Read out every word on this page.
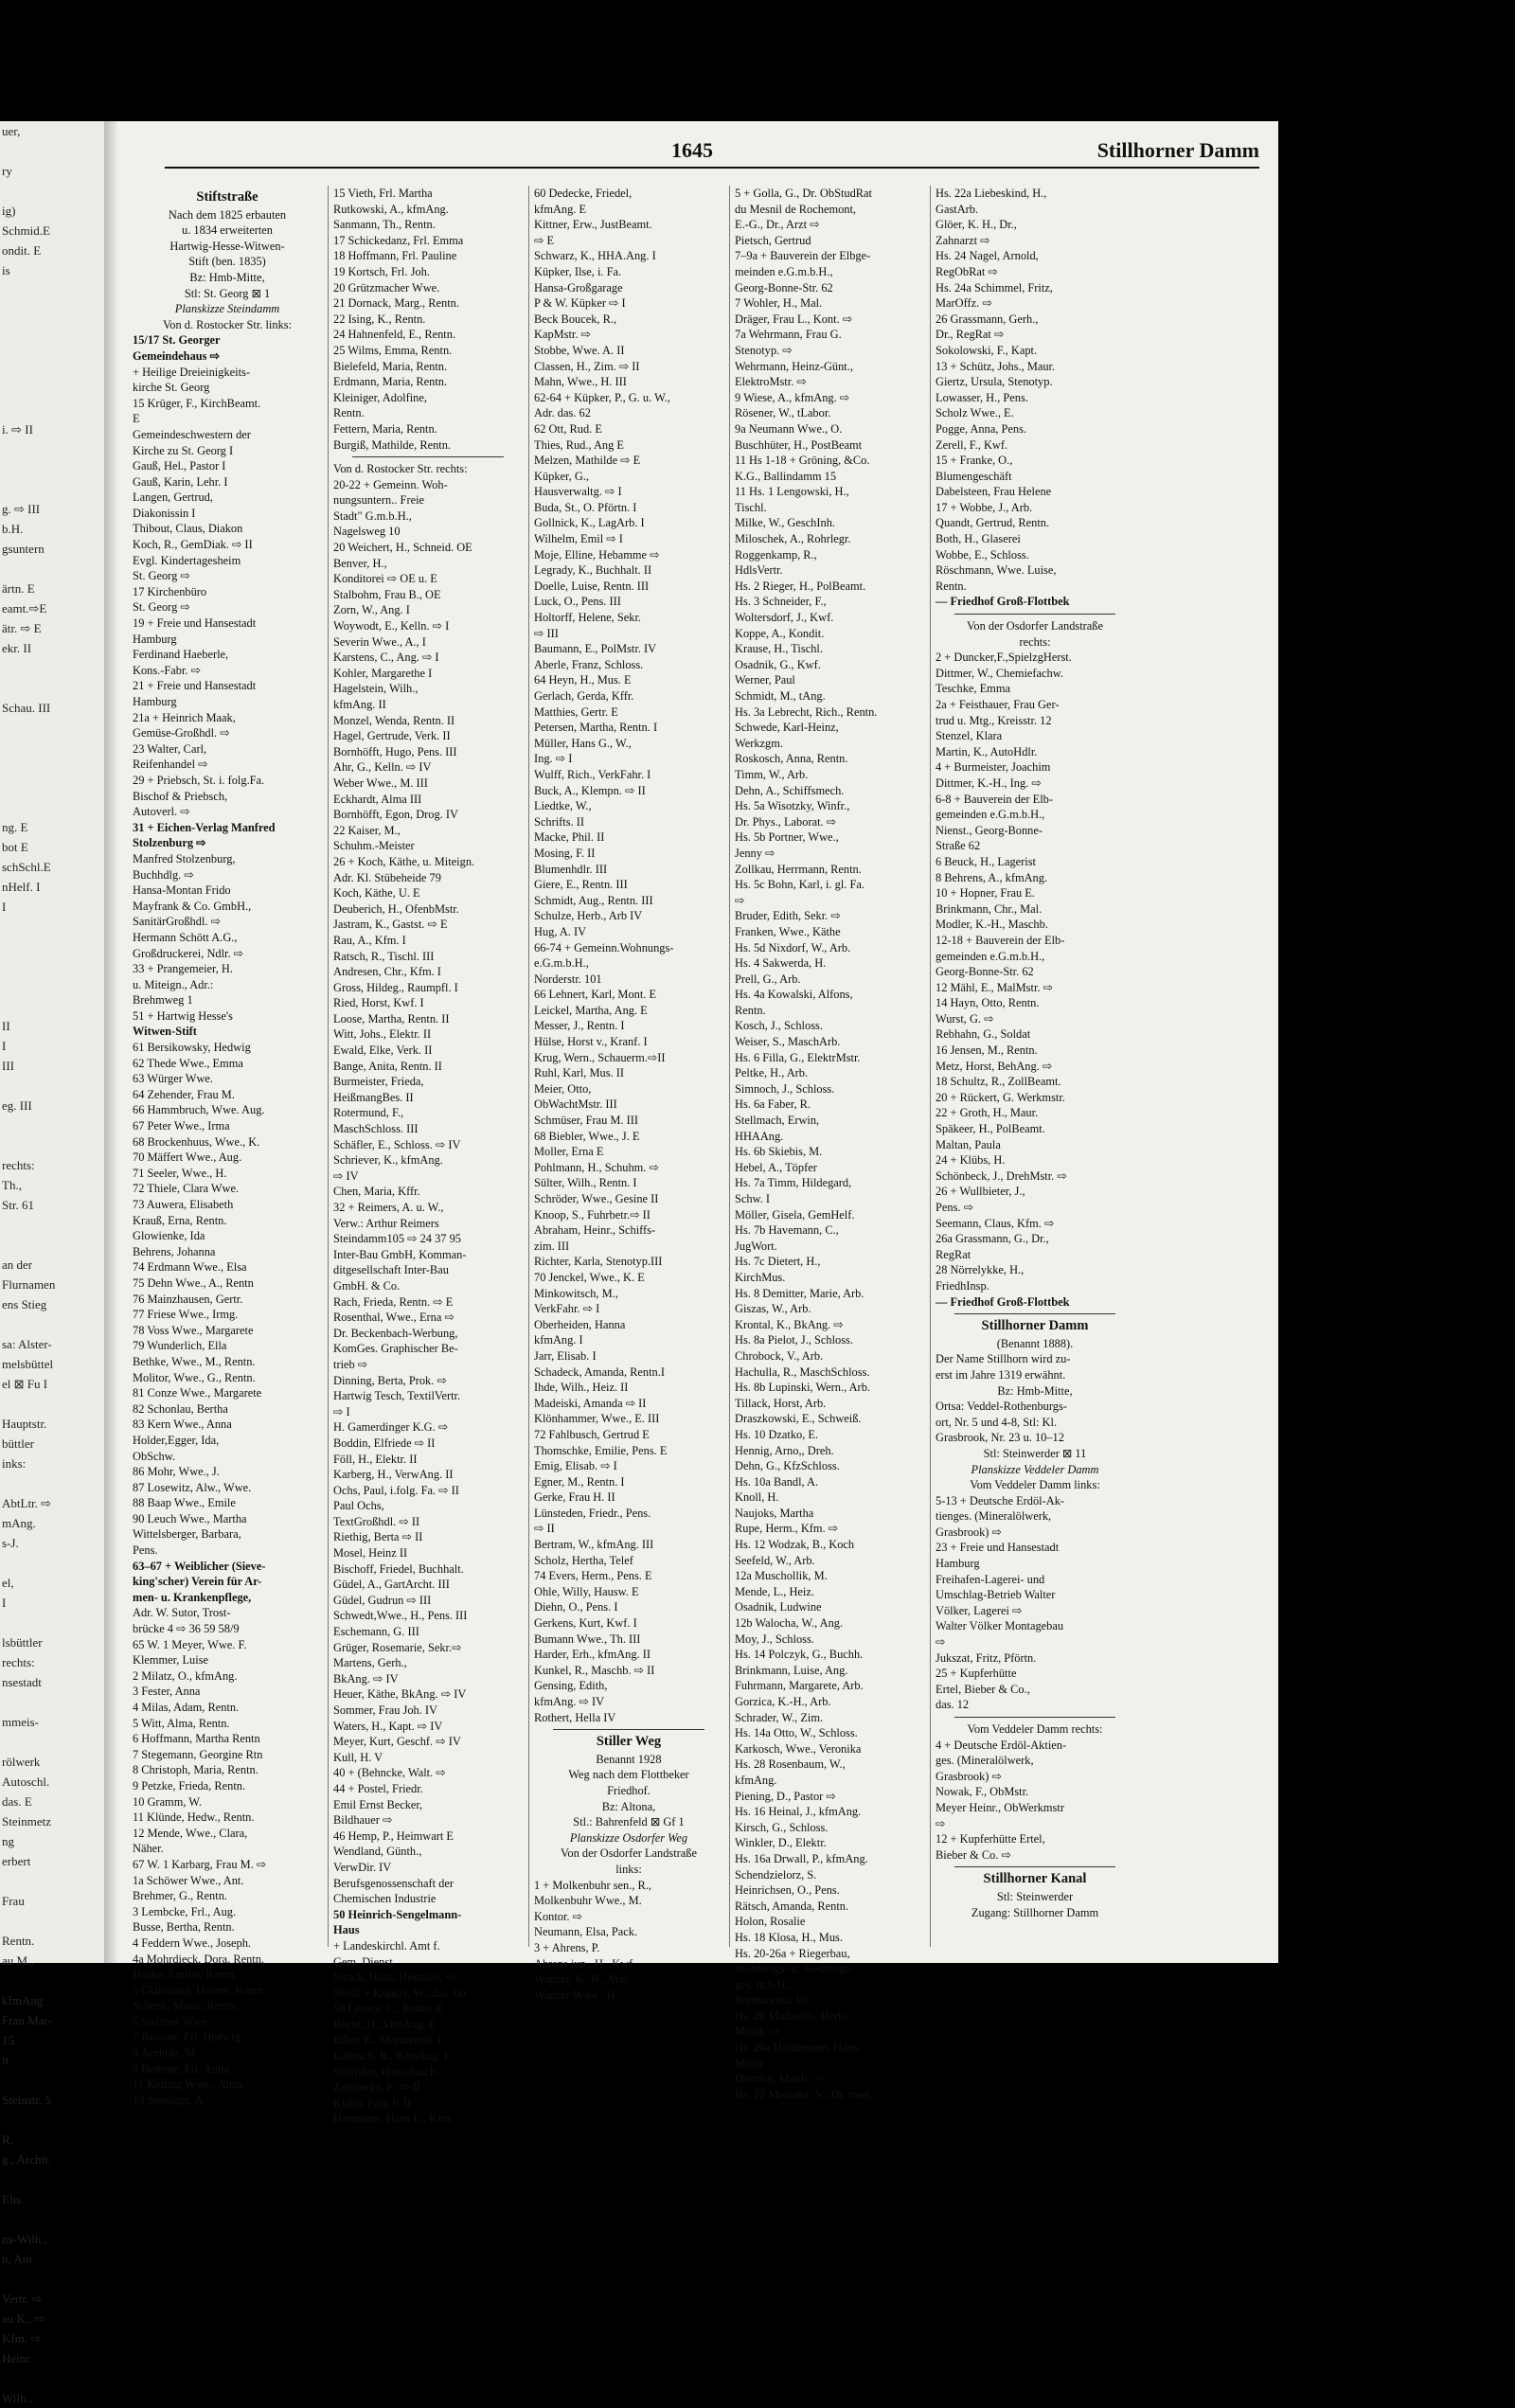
uer,

ry

ig)
Schmid.E
ondit. E
is

i. ⇨ II

g. ⇨ III
b.H.
gsuntern

ärtn. E
eamt.⇨E
ätr. ⇨ E
ekr. II

Schau. III

ng. E
bot E
schSchl.E
nHelf. I
I

II
I
III

eg. III

rechts:
Th.,
Str. 61

an der
Flurnamen
ens Stieg

sa: Alster-
melsbüttel
el ⊠ Fu I

Hauptstr.
büttler
inks:

AbtLtr. ⇨
mAng.
s-J.

el,
I

lsbüttler
rechts:
nsestadt

mmeis-

rölwerk
Autoschl.
das. E
Steinmetz
ng
erbert

Frau

Rentn.
au M.,

kfmAng
Frau Mar-
15
it

Steinstr. 5

R.
g., Archit.

Elis.

ns-Wilh.,
n, Am

Vertr. ⇨
au K., ⇨
Kfm. ⇨
Heinr.

Wilh.,
1645	Stillhorner Damm
Stiftstraße
Nach dem 1825 erbauten
u. 1834 erweiterten
Hartwig-Hesse-Witwen-
Stift (ben. 1835)
Bz: Hmb-Mitte,
Stl: St. Georg ⊠ 1
Planskizze Steindamm
Von d. Rostocker Str. links:
15/17 St. Georger
Gemeindehaus ⇨
+ Heilige Dreieinigkeits-
kirche St. Georg
15 Krüger, F., KirchBeamt.
E
Gemeindeschwestern der
Kirche zu St. Georg I
Gauß, Hel., Pastor I
Gauß, Karin, Lehr. I
Langen, Gertrud,
Diakonissin I
Thibout, Claus, Diakon
Koch, R., GemDiak. ⇨ II
Evgl. Kindertagesheim
St. Georg ⇨
17 Kirchenbüro
St. Georg ⇨
19 + Freie und Hansestadt
Hamburg
Ferdinand Haeberle,
Kons.-Fabr. ⇨
21 + Freie und Hansestadt
Hamburg
21a + Heinrich Maak,
Gemüse-Großhdl. ⇨
23 Walter, Carl,
Reifenhandel ⇨
29 + Priebsch, St. i. folg.Fa.
Bischof & Priebsch,
Autoverl. ⇨
31 + Eichen-Verlag Manfred
Stolzenburg ⇨
Manfred Stolzenburg,
Buchhdlg. ⇨
Hansa-Montan Frido
Mayfrank & Co. GmbH.,
SanitärGroßhdl. ⇨
Hermann Schött A.G.,
Großdruckerei, Ndlr. ⇨
33 + Prangemeier, H.
u. Miteign., Adr.:
Brehmweg 1
51 + Hartwig Hesse's
Witwen-Stift
61 Bersikowsky, Hedwig
62 Thede Wwe., Emma
63 Würger Wwe.
64 Zehender, Frau M.
66 Hammbruch, Wwe. Aug.
67 Peter Wwe., Irma
68 Brockenhuus, Wwe., K.
70 Mäffert Wwe., Aug.
71 Seeler, Wwe., H.
72 Thiele, Clara Wwe.
73 Auwera, Elisabeth
Krauß, Erna, Rentn.
Glowienke, Ida
Behrens, Johanna
74 Erdmann Wwe., Elsa
75 Dehn Wwe., A., Rentn
76 Mainzhausen, Gertr.
77 Friese Wwe., Irmg.
78 Voss Wwe., Margarete
79 Wunderlich, Ella
Bethke, Wwe., M., Rentn.
Molitor, Wwe., G., Rentn.
81 Conze Wwe., Margarete
82 Schonlau, Bertha
83 Kern Wwe., Anna
Holder,Egger, Ida,
ObSchw.
86 Mohr, Wwe., J.
87 Losewitz, Alw., Wwe.
88 Baap Wwe., Emile
90 Leuch Wwe., Martha
Wittelsberger, Barbara,
Pens.
63–67 + Weiblicher (Sieve-
king'scher) Verein für Ar-
men- u. Krankenpflege,
Adr. W. Sutor, Trost-
brücke 4 ⇨ 36 59 58/9
65 W. 1 Meyer, Wwe. F.
Klemmer, Luise
2 Milatz, O., kfmAng.
3 Fester, Anna
4 Milas, Adam, Rentn.
5 Witt, Alma, Rentn.
6 Hoffmann, Martha Rentn
7 Stegemann, Georgine Rtn
8 Christoph, Maria, Rentn.
9 Petzke, Frieda, Rentn.
10 Gramm, W.
11 Klünde, Hedw., Rentn.
12 Mende, Wwe., Clara,
Näher.
67 W. 1 Karbarg, Frau M. ⇨
1a Schöwer Wwe., Ant.
Brehmer, G., Rentn.
3 Lembcke, Frl., Aug.
Busse, Bertha, Rentn.
4 Feddern Wwe., Joseph.
4a Mohrdieck, Dora, Rentn.
Haake, Emilie, Rentn.
5 Glaßmann, Helene, Rentn.
Schenk, Maria, Rentn.
6 Stelzner Wwe.
7 Rossow, Frl. Hedwig
8 Arnholz, M.
9 Bomme, Frl. Anita
11 Kelting Wwe., Anna
13 Steiniger, A.
15 Vieth, Frl. Martha
Rutkowski, A., kfmAng.
Sanmann, Th., Rentn.
17 Schickedanz, Frl. Emma
18 Hoffmann, Frl. Pauline
19 Kortsch, Frl. Joh.
20 Grützmacher Wwe.
21 Dornack, Marg., Rentn.
22 Ising, K., Rentn.
24 Hahnenfeld, E., Rentn.
25 Wilms, Emma, Rentn.
Bielefeld, Maria, Rentn.
Erdmann, Maria, Rentn.
Kleiniger, Adolfine,
Rentn.
Fettern, Maria, Rentn.
Burgiß, Mathilde, Rentn.
Von d. Rostocker Str. rechts:
20-22 + Gemeinn. Woh-
nungsuntern.. Freie
Stadt" G.m.b.H.,
Nagelsweg 10
20 Weichert, H., Schneid. OE
Benver, H.,
Konditorei ⇨ OE u. E
Stalbohm, Frau B., OE
Zorn, W., Ang. I
Woywodt, E., Kelln. ⇨ I
Severin Wwe., A., I
Karstens, C., Ang. ⇨ I
Kohler, Margarethe I
Hagelstein, Wilh.,
kfmAng. II
Monzel, Wenda, Rentn. II
Hagel, Gertrude, Verk. II
Bornhöfft, Hugo, Pens. III
Ahr, G., Kelln. ⇨ IV
Weber Wwe., M. III
Eckhardt, Alma III
Bornhöfft, Egon, Drog. IV
22 Kaiser, M.,
Schuhm.-Meister
26 + Koch, Käthe, u. Miteign.
Adr. Kl. Stübeheide 79
Koch, Käthe, U. E
Deuberich, H., OfenbMstr.
Jastram, K., Gastst. ⇨ E
Rau, A., Kfm. I
Ratsch, R., Tischl. III
Andresen, Chr., Kfm. I
Gross, Hildeg., Raumpfl. I
Ried, Horst, Kwf. I
Loose, Martha, Rentn. II
Witt, Johs., Elektr. II
Ewald, Elke, Verk. II
Bange, Anita, Rentn. II
Burmeister, Frieda,
HeißmangBes. II
Rotermund, F.,
MaschSchloss. III
Schäfler, E., Schloss. ⇨ IV
Schriever, K., kfmAng.
⇨ IV
Chen, Maria, Kffr.
32 + Reimers, A. u. W.,
Verw.: Arthur Reimers
Steindamm105 ⇨ 24 37 95
Inter-Bau GmbH, Komman-
ditgesellschaft Inter-Bau
GmbH. & Co.
Rach, Frieda, Rentn. ⇨ E
Rosenthal, Wwe., Erna ⇨
Dr. Beckenbach-Werbung,
KomGes. Graphischer Be-
trieb ⇨
Dinning, Berta, Prok. ⇨
Hartwig Tesch, TextilVertr.
⇨ I
H. Gamerdinger K.G. ⇨
Boddin, Elfriede ⇨ II
Föll, H., Elektr. II
Karberg, H., VerwAng. II
Ochs, Paul, i.folg. Fa. ⇨ II
Paul Ochs,
TextGroßhdl. ⇨ II
Riethig, Berta ⇨ II
Mosel, Heinz II
Bischoff, Friedel, Buchhalt.
Güdel, A., GartArcht. III
Güdel, Gudrun ⇨ III
Schwedt,Wwe., H., Pens. III
Eschemann, G. III
Grüger, Rosemarie, Sekr.⇨
Martens, Gerh.,
BkAng. ⇨ IV
Heuer, Käthe, BkAng. ⇨ IV
Sommer, Frau Joh. IV
Waters, H., Kapt. ⇨ IV
Meyer, Kurt, Geschf. ⇨ IV
Kull, H. V
40 + (Behncke, Walt. ⇨
44 + Postel, Friedr.
Emil Ernst Becker,
Bildhauer ⇨
46 Hemp, P., Heimwart E
Wendland, Günth.,
VerwDir. IV
Berufsgenossenschaft der
Chemischen Industrie
50 Heinrich-Sengelmann-
Haus
+ Landeskirchl. Amt f.
Gem. Dienst.
Strack, Hans, Heimleit. ⇨
58-60 + Küpker, W., das. 60
58 Lessey, C., Rentn. E
Recht, H., kfmAng. E
Edler, E., Marinemal. I
Liebisch, R., KfmAng. I
Schröder, Hans-Joach.
Zarnowka, E. ⇨ II
Klahn, Frau P. II
Hartmann, Hans L., Kfm.
60 Dedecke, Friedel,
kfmAng. E
Kittner, Erw., JustBeamt.
⇨ E
Schwarz, K., HHA.Ang. I
Küpker, Ilse, i. Fa.
Hansa-Großgarage
P & W. Küpker ⇨ I
Beck Boucek, R.,
KapMstr. ⇨
Stobbe, Wwe. A. II
Classen, H., Zim. ⇨ II
Mahn, Wwe., H. III
62-64 + Küpker, P., G. u. W.,
Adr. das. 62
62 Ott, Rud. E
Thies, Rud., Ang E
Melzen, Mathilde ⇨ E
Küpker, G.,
Hausverwaltg. ⇨ I
Buda, St., O. Pförtn. I
Gollnick, K., LagArb. I
Wilhelm, Emil ⇨ I
Moje, Elline, Hebamme ⇨
Legrady, K., Buchhalt. II
Doelle, Luise, Rentn. III
Luck, O., Pens. III
Holtorff, Helene, Sekr.
⇨ III
Baumann, E., PolMstr. IV
Aberle, Franz, Schloss.
64 Heyn, H., Mus. E
Gerlach, Gerda, Kffr.
Matthies, Gertr. E
Petersen, Martha, Rentn. I
Müller, Hans G., W.,
Ing. ⇨ I
Wulff, Rich., VerkFahr. I
Buck, A., Klempn. ⇨ II
Liedtke, W.,
Schrifts. II
Macke, Phil. II
Mosing, F. II
Blumenhdlr. III
Giere, E., Rentn. III
Schmidt, Aug., Rentn. III
Schulze, Herb., Arb IV
Hug, A. IV
66-74 + Gemeinn.Wohnungs-
e.G.m.b.H.,
Norderstr. 101
66 Lehnert, Karl, Mont. E
Leickel, Martha, Ang. E
Messer, J., Rentn. I
Hülse, Horst v., Kranf. I
Krug, Wern., Schauerm.⇨II
Ruhl, Karl, Mus. II
Meier, Otto,
ObWachtMstr. III
Schmüser, Frau M. III
68 Biebler, Wwe., J. E
Moller, Erna E
Pohlmann, H., Schuhm. ⇨
Sülter, Wilh., Rentn. I
Schröder, Wwe., Gesine II
Knoop, S., Fuhrbetr.⇨ II
Abraham, Heinr., Schiffs-
zim. III
Richter, Karla, Stenotyp.III
70 Jenckel, Wwe., K. E
Minkowitsch, M.,
VerkFahr. ⇨ I
Oberheiden, Hanna
kfmAng. I
Jarr, Elisab. I
Schadeck, Amanda, Rentn.I
Ihde, Wilh., Heiz. II
Madeiski, Amanda ⇨ II
Klönhammer, Wwe., E. III
72 Fahlbusch, Gertrud E
Thomschke, Emilie, Pens. E
Emig, Elisab. ⇨ I
Egner, M., Rentn. I
Gerke, Frau H. II
Lünsteden, Friedr., Pens.
⇨ II
Bertram, W., kfmAng. III
Scholz, Hertha, Telef
74 Evers, Herm., Pens. E
Ohle, Willy, Hausw. E
Diehn, O., Pens. I
Gerkens, Kurt, Kwf. I
Bumann Wwe., Th. III
Harder, Erh., kfmAng. II
Kunkel, R., Maschb. ⇨ II
Gensing, Edith,
kfmAng. ⇨ IV
Rothert, Hella IV
Stiller Weg
Benannt 1928
Weg nach dem Flottbeker
Friedhof.
Bz: Altona,
Stl.: Bahrenfeld ⊠ Gf 1
Planskizze Osdorfer Weg
Von der Osdorfer Landstraße
links:
1 + Molkenbuhr sen., R.,
Molkenbuhr Wwe., M.
Kontor. ⇨
Neumann, Elsa, Pack.
3 + Ahrens, P.
Ahrens jun., H., Kwf.
Wagner, K.-H., Mal.
Wagner Wwe., H.
5 + Golla, G., Dr. ObStudRat
du Mesnil de Rochemont,
E.-G., Dr., Arzt ⇨
Pietsch, Gertrud
7–9a + Bauverein der Elbge-
meinden e.G.m.b.H.,
Georg-Bonne-Str. 62
7 Wohler, H., Mal.
Dräger, Frau L., Kont. ⇨
7a Wehrmann, Frau G.
Stenotyp. ⇨
Wehrmann, Heinz-Günt.,
ElektroMstr. ⇨
9 Wiese, A., kfmAng. ⇨
Rösener, W., tLabor.
9a Neumann Wwe., O.
Buschhüter, H., PostBeamt
11 Hs 1-18 + Gröning, &Co.
K.G., Ballindamm 15
11 Hs. 1 Lengowski, H.,
Tischl.
Milke, W., GeschInh.
Miloschek, A., Rohrlegr.
Roggenkamp, R.,
HdlsVertr.
Hs. 2 Rieger, H., PolBeamt.
Hs. 3 Schneider, F.,
Woltersdorf, J., Kwf.
Koppe, A., Kondit.
Krause, H., Tischl.
Osadnik, G., Kwf.
Werner, Paul
Schmidt, M., tAng.
Hs. 3a Lebrecht, Rich., Rentn.
Schwede, Karl-Heinz,
Werkzgm.
Roskosch, Anna, Rentn.
Timm, W., Arb.
Dehn, A., Schiffsmech.
Hs. 5a Wisotzky, Winfr.,
Dr. Phys., Laborat. ⇨
Hs. 5b Portner, Wwe.,
Jenny ⇨
Zollkau, Herrmann, Rentn.
Hs. 5c Bohn, Karl, i. gl. Fa.
⇨
Bruder, Edith, Sekr. ⇨
Franken, Wwe., Käthe
Hs. 5d Nixdorf, W., Arb.
Hs. 4 Sakwerda, H.
Prell, G., Arb.
Hs. 4a Kowalski, Alfons,
Rentn.
Kosch, J., Schloss.
Weiser, S., MaschArb.
Hs. 6 Filla, G., ElektrMstr.
Peltke, H., Arb.
Simnoch, J., Schloss.
Hs. 6a Faber, R.
Stellmach, Erwin,
HHAAng.
Hs. 6b Skiebis, M.
Hebel, A., Töpfer
Hs. 7a Timm, Hildegard,
Schw. I
Möller, Gisela, GemHelf.
Hs. 7b Havemann, C.,
JugWort.
Hs. 7c Dietert, H.,
KirchMus.
Hs. 8 Demitter, Marie, Arb.
Giszas, W., Arb.
Krontal, K., BkAng. ⇨
Hs. 8a Pielot, J., Schloss.
Chrobock, V., Arb.
Hachulla, R., MaschSchloss.
Hs. 8b Lupinski, Wern., Arb.
Tillack, Horst, Arb.
Draszkowski, E., Schweiß.
Hs. 10 Dzatko, E.
Hennig, Arno,, Dreh.
Dehn, G., KfzSchloss.
Hs. 10a Bandl, A.
Knoll, H.
Naujoks, Martha
Rupe, Herm., Kfm. ⇨
Hs. 12 Wodzak, B., Koch
Seefeld, W., Arb.
12a Muschollik, M.
Mende, L., Heiz.
Osadnik, Ludwine
12b Walocha, W., Ang.
Moy, J., Schloss.
Hs. 14 Polczyk, G., Buchh.
Brinkmann, Luise, Ang.
Fuhrmann, Margarete, Arb.
Gorzica, K.-H., Arb.
Schrader, W., Zim.
Hs. 14a Otto, W., Schloss.
Karkosch, Wwe., Veronika
Hs. 28 Rosenbaum, W.,
kfmAng.
Piening, D., Pastor ⇨
Hs. 16 Heinal, J., kfmAng.
Kirsch, G., Schloss.
Winkler, D., Elektr.
Hs. 16a Drwall, P., kfmAng.
Schendzielorz, S.
Heinrichsen, O., Pens.
Rätsch, Amanda, Rentn.
Holon, Rosalie
Hs. 18 Klosa, H., Mus.
Hs. 20-26a + Riegerbau,
Wohnungs- u. Siedlungs-
ges. m.b.H.,
Brentanostr. 10
Hs. 20 Michaelis, Herb.,
Musik. ⇨
Hs. 20a Heidemann, Hans,
Major
Dietrich, Manfr. ⇨
Hs. 22 Meineke, V., Dr. med.
Hs. 22a Liebeskind, H.,
GastArb.
Glöer, K. H., Dr.,
Zahnarzt ⇨
Hs. 24 Nagel, Arnold,
RegObRat ⇨
Hs. 24a Schimmel, Fritz,
MarOffz. ⇨
26 Grassmann, Gerh.,
Dr., RegRat ⇨
Sokolowski, F., Kapt.
13 + Schütz, Johs., Maur.
Giertz, Ursula, Stenotyp.
Lowasser, H., Pens.
Scholz Wwe., E.
Pogge, Anna, Pens.
Zerell, F., Kwf.
15 + Franke, O.,
Blumengeschäft
Dabelsteen, Frau Helene
17 + Wobbe, J., Arb.
Quandt, Gertrud, Rentn.
Both, H., Glaserei
Wobbe, E., Schloss.
Röschmann, Wwe. Luise,
Rentn.
— Friedhof Groß-Flottbek
Von der Osdorfer Landstraße
rechts:
2 + Duncker,F.,SpielzgHerst.
Dittmer, W., Chemiefachw.
Teschke, Emma
2a + Feisthauer, Frau Ger-
trud u. Mtg., Kreisstr. 12
Stenzel, Klara
Martin, K., AutoHdlr.
4 + Burmeister, Joachim
Dittmer, K.-H., Ing. ⇨
6-8 + Bauverein der Elb-
gemeinden e.G.m.b.H.,
Nienst., Georg-Bonne-
Straße 62
6 Beuck, H., Lagerist
8 Behrens, A., kfmAng.
10 + Hopner, Frau E.
Brinkmann, Chr., Mal.
Modler, K.-H., Maschb.
12-18 + Bauverein der Elb-
gemeinden e.G.m.b.H.,
Georg-Bonne-Str. 62
12 Mähl, E., MalMstr. ⇨
14 Hayn, Otto, Rentn.
Wurst, G. ⇨
Rebhahn, G., Soldat
16 Jensen, M., Rentn.
Metz, Horst, BehAng. ⇨
18 Schultz, R., ZollBeamt.
20 + Rückert, G. Werkmstr.
22 + Groth, H., Maur.
Späkeer, H., PolBeamt.
Maltan, Paula
24 + Klübs, H.
Schönbeck, J., DrehMstr. ⇨
26 + Wullbieter, J.,
Pens. ⇨
Seemann, Claus, Kfm. ⇨
26a Grassmann, G., Dr.,
RegRat
28 Nörrelykke, H.,
FriedhInsp.
— Friedhof Groß-Flottbek
Stillhorner Damm
(Benannt 1888).
Der Name Stillhorn wird zu-
erst im Jahre 1319 erwähnt.
Bz: Hmb-Mitte,
Ortsa: Veddel-Rothenburgs-
ort, Nr. 5 und 4-8, Stl: Kl.
Grasbrook, Nr. 23 u. 10–12
Stl: Steinwerder ⊠ 11
Planskizze Veddeler Damm
Vom Veddeler Damm links:
5-13 + Deutsche Erdöl-Ak-
tienges. (Mineralölwerk,
Grasbrook) ⇨
23 + Freie und Hansestadt
Hamburg
Freihafen-Lagerei- und
Umschlag-Betrieb Walter
Völker, Lagerei ⇨
Walter Völker Montagebau
⇨
Jukszat, Fritz, Pförtn.
25 + Kupferhütte
Ertel, Bieber & Co.,
das. 12
Vom Veddeler Damm rechts:
4 + Deutsche Erdöl-Aktien-
ges. (Mineralölwerk,
Grasbrook) ⇨
Nowak, F., ObMstr.
Meyer Heinr., ObWerkmstr
⇨
12 + Kupferhütte Ertel,
Bieber & Co. ⇨
Stillhorner Kanal
Stl: Steinwerder
Zugang: Stillhorner Damm
